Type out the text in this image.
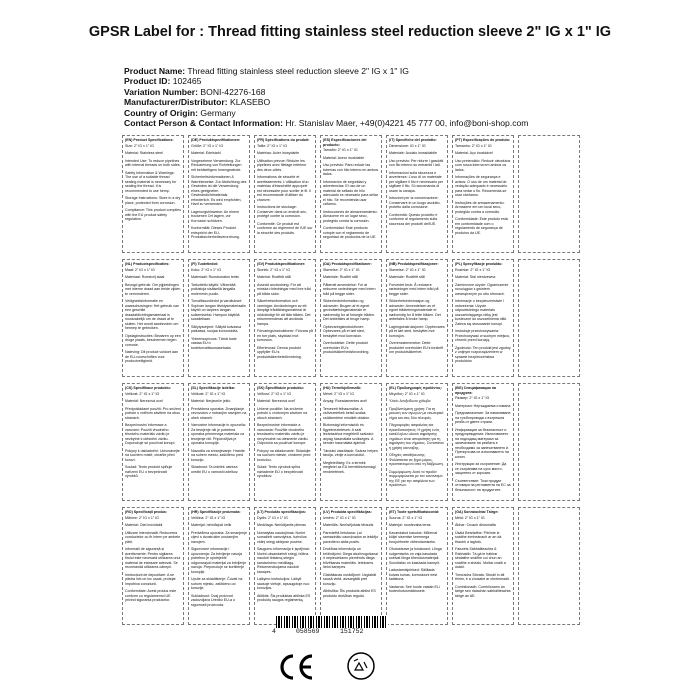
GPSR Label for : Thread fitting stainless steel reduction sleeve 2" IG x 1" IG
Product Name: Thread fitting stainless steel reduction sleeve 2" IG x 1" IG
Product ID: 102465
Variation Number: BONI-42276-168
Manufacturer/Distributor: KLASEBO
Country of Origin: Germany
Contact Person & Contact Information: Hr. Stanislav Maer, +49(0)4221 45 777 00, info@boni-shop.com
(EN) Product Specifications:
Size: 2" IG x 1" IG
Material: Stainless steel
Intended Use: To reduce pipelines with internal threads on both sides.
Safety Information & Warnings: The use of a suitable thread sealing material is necessary for sealing the thread. It is recommended to use hemp.
Storage Instructions: Store in a dry place, protected from corrosion.
Compliance: This product complies with the EU product safety regulation.
(DE) Produktspezifikationen:
Größe: 2" IG x 1" IG
Material: Edelstahl
Vorgesehene Verwendung: Zur Reduzierung von Rohrleitungen mit beidseitigem Innengewinde.
Sicherheitsinformationen & Warnhinweise: Zur Abdichtung des Gewindes ist die Verwendung eines geeigneten Gewindedichtmaterials erforderlich. Es wird empfohlen, Hanf zu verwenden.
Lagerungshinweise: An einem trockenen Ort lagern, vor Korrosion schützen.
Konformität: Dieses Produkt entspricht der EU-Produktsicherheitsverordnung.
(FR) Spécifications du produit:
Taille: 2" IG x 1" IG
Matériau: Acier inoxydable
Utilisation prévue: Réduire les pipelines avec filetage intérieur des deux côtés.
Informations de sécurité et avertissements: L'utilisation d'un matériau d'étanchéité approprié est nécessaire pour sceller le fil. Il est recommandé d'utiliser du chanvre.
Instructions de stockage: Conserver dans un endroit sec, protégé contre la corrosion.
Conformité: Ce produit est conforme au règlement de l'UE sur la sécurité des produits.
(ES) Especificaciones del producto:
Tamaño: 2" IG x 1" IG
Material: Acero inoxidable
Uso previsto: Para reducir las tuberías con hilo interno en ambos lados.
Información de seguridad y advertencias: El uso de un material de sellado de hilo adecuado es necesario para sellar el hilo. Se recomienda usar cáñamo.
Instrucciones de almacenamiento: Almacene en un lugar seco, protegido contra la corrosión.
Conformidad: Este producto cumple con el reglamento de seguridad de productos de la UE.
(IT) Specifiche del prodotto:
Dimensione: IG x 1" IG
Materiale: Acciaio inossidabile
Uso previsto: Per ridurre i gasdotti con filo interno su entrambi i lati.
Informazioni sulla sicurezza e avvertenze: L'uso di un materiale per sigillare il filo è necessario per sigillare il filo. Si raccomanda di usare la canapa.
Istruzioni per la conservazione: Conservare in un luogo asciutto, protetto dalla corrosione.
Conformità: Questo prodotto è conforme al regolamento sulla sicurezza dei prodotti dell'UE.
(PT) Especificações do produto:
Tamanho: 2" IG x 1" IG
Material: Aço inoxidável
Uso pretendido: Reduzir oleodutos com rosca interna em ambos os lados.
Informações de segurança e avisos: O uso de um material de vedação adequado é necessário para vedar o fio. Recomenda-se usar cânhamo.
Instruções de armazenamento: Armazene em um local seco, protegido contra a corrosão.
Conformidade: Este produto está em conformidade com o regulamento de segurança de produtos da UE.
(NL) Productspecificaties:
Maat: 2" IG x 1" IG
Materiaal: Roestvrij staal
Beoogd gebruik: Om pijpleidingen met interne draad aan beide zijden te verminderen.
Veiligheidsinformatie en waarschuwingen: Het gebruik van een geschikt draadafdichtingsmateriaal is noodzakelijk om de draad af te sluiten. Het wordt aanbevolen om hennep te gebruiken.
Opslaginstructies: Bewaren op een droge plaats, beschermen tegen corrosie.
Naleving: Dit product voldoet aan de EU-voorschriften voor productveiligheid.
(FI) Tuotetiedot:
Koko: 2" IG x 1" IG
Materiaali: Ruostumaton teräs
Tarkoitettu käyttö: Vähentää putkistoja sisäisellä langalla molemmin puolin.
Turvallisuustiedot ja varoitukset: Sopivan langan tiivistysmateriaalin käyttö on tarpeen langan sulkemiseksi. Hampun käyttöä suositellaan.
Säilytysohjeet: Säilytä kuivassa paikassa, suojaa korroosiolta.
Yhteensopivuus: Tämä tuote vastaa EU:n tuoteturvallisuusasetusta.
(SV) Produktspecifikationer:
Storlek: 2" IG x 1" IG
Material: Rostfritt stål
Avsedd användning: För att minska rörledningar med inre tråd på båda sidor.
Säkerhetsinformation och varningar: Användningen av ett lämpligt trådtätningsmaterial är nödvändigt för att täta tråden. Det rekommenderas att använda hampa.
Förvaringsinstruktioner: Förvara på en torr plats, skyddad mot korrosion.
Efterlevnad: Denna produkt uppfyller EU:s produktsäkerhetsförordning.
(DA) Produktspecifikationer:
Størrelse: 2" IG x 1" IG
Materiale: Rustfrit stål
Påtænkt anvendelse: For at reducere rørledninger med intern tråd på begge sider.
Sikkerhedsinformation og advarsler: Brugen af et egnet gevindtætningsmateriale er nødvendig for at forsegle tråden. Det anbefales at bruge hamp.
Opbevaringsinstruktioner: Opbevares på et tørt sted, beskyttet mod korrosion.
Overholdelse: Dette produkt overholder EU's produktsikkerhedsforordning.
(NB) Produktspesifikasjoner:
Størrelse: 2" IG x 1" IG
Materiale: Rustfritt stål
Forventet bruk: Å redusere rørledninger med intern tråd på begge sider.
Sikkerhetsinformasjon og advarsler: Anvendelsen av et egnet trådtetningsmateriale er nødvendig for å tette tråden. Det anbefales å bruke hamp.
Lagringsinstruksjoner: Oppbevares på et tørt sted, beskyttet mot korrosjon.
Overensstemmelse: Dette produktet overholder EU's forskrift om produktsikkerhet.
(PL) Specyfikacje produktu:
Rozmiar: 2" IG x 1" IG
Materiał: Stal nierdzewna
Zamierzone użycie: Ograniczenie rurociągów z gwintem wewnętrznym po obu stronach.
Informacje o bezpieczeństwie i ostrzeżenia: Użycie odpowiedniego materiału uszczelniającego nitkę jest konieczne do uszczelnienia nitki. Zaleca się stosowanie konopi.
Instrukcje przechowywania: Przechowywać w suchym miejscu, chronić przed korozją.
Zgodność: Ten produkt jest zgodny z unijnym rozporządzeniem w sprawie bezpieczeństwa produktów.
(CS) Specifikace produktu:
Velikost: 2" IG x 1" IG
Materiál: Nerezová ocel
Předpokládané použití: Pro snížení potrubí s vnitřním závitem na obou stranách.
Bezpečnostní informace a varování: Použití vhodného těsnicího materiálu závitu je nezbytné k utěsnění závitu. Doporučuje se používat konopí.
Pokyny k uskladnění: Uchovávejte na suchém místě, chraňte před korozí.
Soulad: Tento produkt splňuje nařízení EU o bezpečnosti výrobků.
(SL) Specifikacije izdelka:
Velikost: 2" IG x 1" IG
Material: Nerjaveče jeklo
Predvidena uporaba: Zmanjšanje cevovodov z notranjim navojem na obeh straneh.
Varnostne informacije in opozorila: Za tesnjenje niti je potrebna uporaba primernega materiala za tesnjenje niti. Priporočljiva je uporaba konoplje.
Navodila za shranjevanje: Hranite na suhem mestu, zaščiteno pred korozijo.
Skladnost: Ta izdelek ustreza uredbi EU o varnosti izdelkov.
(SK) Špecifikácie produktu:
Veľkosť: 2" IG x 1" IG
Materiál: Nerezová oceľ
Určené použitie: Na zníženie potrubí s vnútorným závitom na oboch stranách.
Bezpečnostné informácie a varovania: Použitie vhodného tesniaceho materiálu závitu je nevyhnutné na utesnenie závitu. Odporúča sa používať konope.
Pokyny na skladovanie: Skladujte na suchom mieste, chránení pred koróziou.
Súlad: Tento výrobok spĺňa nariadenie EÚ o bezpečnosti výrobkov.
(HU) Termékjellemzők:
Méret: 2" IG x 1" IG
Anyag: Rozsdamentes acél
Tervezett felhasználás: A csővezetékek belső szálas csökkentése mindkét oldalon.
Biztonsági információk és figyelmeztetések: A szál lezárásához megfelelő szálzáró anyag használata szükséges. A kender használata ajánlott.
Tárolási utasítások: Száraz helyen tárolja, védje a korróziótól.
Megfelelőség: Ez a termék megfelel az EU termékbiztonsági rendeletének.
(EL) Προδιαγραφές προϊόντος:
Μέγεθος: 2" IG x 1" IG
Υλικό: Ανοξείδωτο χάλυβα
Προβλεπόμενη χρήση: Για τη μείωση των αγωγών με εσωτερικό νήμα και στις δύο πλευρές.
Πληροφορίες ασφαλείας και προειδοποιήσεις: Η χρήση ενός κατάλληλου υλικού σφράγισης νημάτων είναι απαραίτητη για τη σφράγιση του νήματος. Συνιστάται η χρήση κάνναβης.
Οδηγίες αποθήκευσης: Φυλάσσεται σε ξηρό μέρος, προστατευμένο από τη διάβρωση.
Συμμόρφωση: Αυτό το προϊόν συμμορφώνεται με τον κανονισμό της ΕΕ για την ασφάλεια των προϊόντων.
(BG) Спецификации на продукта:
Размер: 2" IG x 1" IG
Материал: Неръждаема стомана
Предназначение: За намаляване на тръбопроводи с вътрешна резба от двете страни.
Информация за безопасност и предупреждения: Използването на подходящ материал за запечатване на резбата е необходимо за запечатването ѝ. Препоръчва се използването на коноп.
Инструкции за съхранение: Да се съхранява на сухо място, защитено от корозия.
Съответствие: Този продукт отговаря на регламента на ЕС за безопасност на продуктите.
(RO) Specificații produs:
Mărime: 2" IG x 1" IG
Material: Oțel inoxidabil
Utilizare intenționată: Reducerea conductelor cu fir intern pe ambele părți.
Informații de siguranță și avertismente: Pentru sigilarea firului este necesară utilizarea unui material de etanșare adecvat. Se recomandă utilizarea cânepii.
Instrucțiuni de depozitare: A se păstra într-un loc uscat, protejat împotriva coroziunii.
Conformitate: Acest produs este conform cu regulamentul UE privind siguranța produselor.
(HR) Specifikacije proizvoda:
Veličina: 2" IG x 1" IG
Materijal: nehrđajući čelik
Predviđena uporaba: Za smanjenje cijevi s dvostrukim unutarnjim navojem.
Sigurnosne informacije i upozorenja: Za brtvljenje navoja potrebno je upotrijebiti odgovarajući materijal za brtvljenje navoja. Preporučuje se korištenje konoplje.
Upute za skladištenje: Čuvati na suhom mjestu, zaštićeno od korozije.
Sukladnost: Ovaj proizvod zadovoljava Uredbu EU-a o sigurnosti proizvoda.
(LT) Produkto specifikacijos:
Dydis: 2" IG x 1" IG
Medžiaga: Nerūdijantis plienas
Numatytas naudojimas: Norint sumažinti vamzdynus, turinčius vidinį sriegį abiejose pusėse.
Saugumo informacija ir įspėjimai: Norint užsandarinti sriegį, būtina naudoti tinkamą sriegio sandarinimo medžiagą. Rekomenduojama naudoti kanapes.
Laikymo instrukcijos: Laikyti sausoje vietoje, apsaugotoje nuo korozijos.
Atitiktis: Šis produktas atitinka ES produktų saugos reglamentą.
(LV) Produkta specifikācijas:
Izmērs: 2" IG x 1" IG
Materiāls: Nerūsējošais tērauds
Paredzētā lietošana: Lai samazinātu cauruļvadus ar iekšējo pavedienu abās pusēs.
Drošības informācija un brīdinājumi: Diega aizzīmogošanai ir nepieciešams piemērots diega blīvēšanas materiāls. Ieteicams lietot kaņepes.
Glabāšanas norādījumi: Uzglabāt sausā vietā, aizsargātā pret koroziju.
Atbilstība: Šis produkts atbilst ES produktu drošības regulai.
(ET) Toote spetsifikatsioonid:
Suurus: 2" IG x 1" IG
Materjal: roostevaba teras
Kavandatud kasutus: Mõlemal küljel sisemise keermega torujuhtmete vähendamiseks.
Ohutusteave ja hoiatused: Lõnga sulgemiseks on vaja kasutada sobivat lõnga tihendusmaterjali. Soovitatav on kasutada kanepit.
Ladustamisjuhised: Säilitada kuivas kohas, korrosiooni eest kaitstuna.
Vastavus: See toode vastab ELi tooteohutusmäärusele.
(GA) Sonraíochtaí Táirge:
Méid: 2" IG x 1" IG
Ábhar: Cruach dhosmálta
Úsáid Beartaithe: Píblínte le snáithe inmheánach ar an dá thaobh a laghdú.
Faisnéis Sábháilteachta & Rabhaidh: Tá gá le hábhar séalaithe snáithe cuí chun an snáithe a shéalú. Moltar cnáib a úsáid.
Treoracha Stórála: Stóráil in áit thirim, é a chosaint ar chreimeadh.
Comhlíonadh: Comhlíonann an táirge seo rialachán sábháilteachta táirge an AE.
4	058569	151752
